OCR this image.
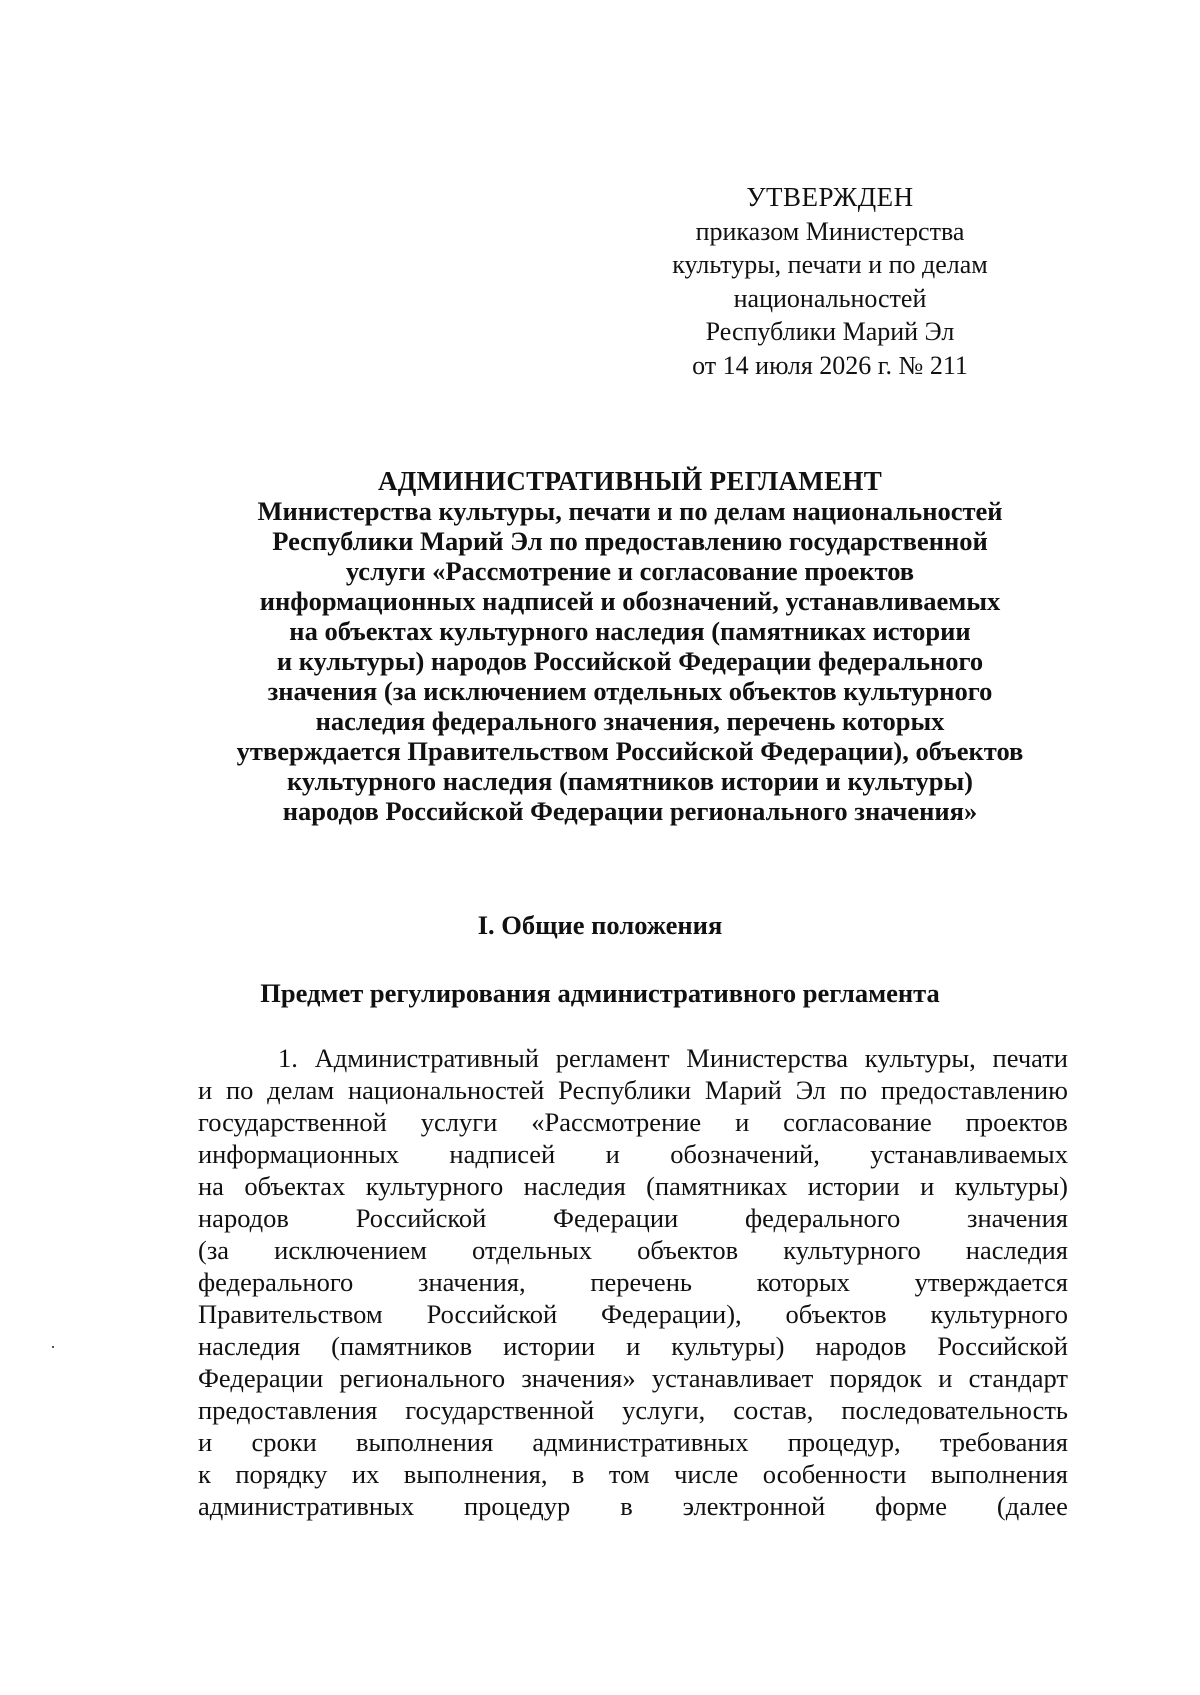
УТВЕРЖДЕН
приказом Министерства
культуры, печати и по делам
национальностей
Республики Марий Эл
от 14 июля 2026 г. № 211
АДМИНИСТРАТИВНЫЙ РЕГЛАМЕНТ
Министерства культуры, печати и по делам национальностей
Республики Марий Эл по предоставлению государственной
услуги «Рассмотрение и согласование проектов
информационных надписей и обозначений, устанавливаемых
на объектах культурного наследия (памятниках истории
и культуры) народов Российской Федерации федерального
значения (за исключением отдельных объектов культурного
наследия федерального значения, перечень которых
утверждается Правительством Российской Федерации), объектов
культурного наследия (памятников истории и культуры)
народов Российской Федерации регионального значения»
I. Общие положения
Предмет регулирования административного регламента
1. Административный регламент Министерства культуры, печати
и по делам национальностей Республики Марий Эл по предоставлению
государственной услуги «Рассмотрение и согласование проектов
информационных надписей и обозначений, устанавливаемых
на объектах культурного наследия (памятниках истории и культуры)
народов	Российской	Федерации	федерального	значения
(за исключением отдельных объектов культурного наследия
федерального значения, перечень которых утверждается
Правительством Российской Федерации), объектов культурного
наследия (памятников истории и культуры) народов Российской
Федерации регионального значения» устанавливает порядок и стандарт
предоставления государственной услуги, состав, последовательность
и сроки выполнения административных процедур, требования
к порядку их выполнения, в том числе особенности выполнения
административных процедур в электронной форме (далее
